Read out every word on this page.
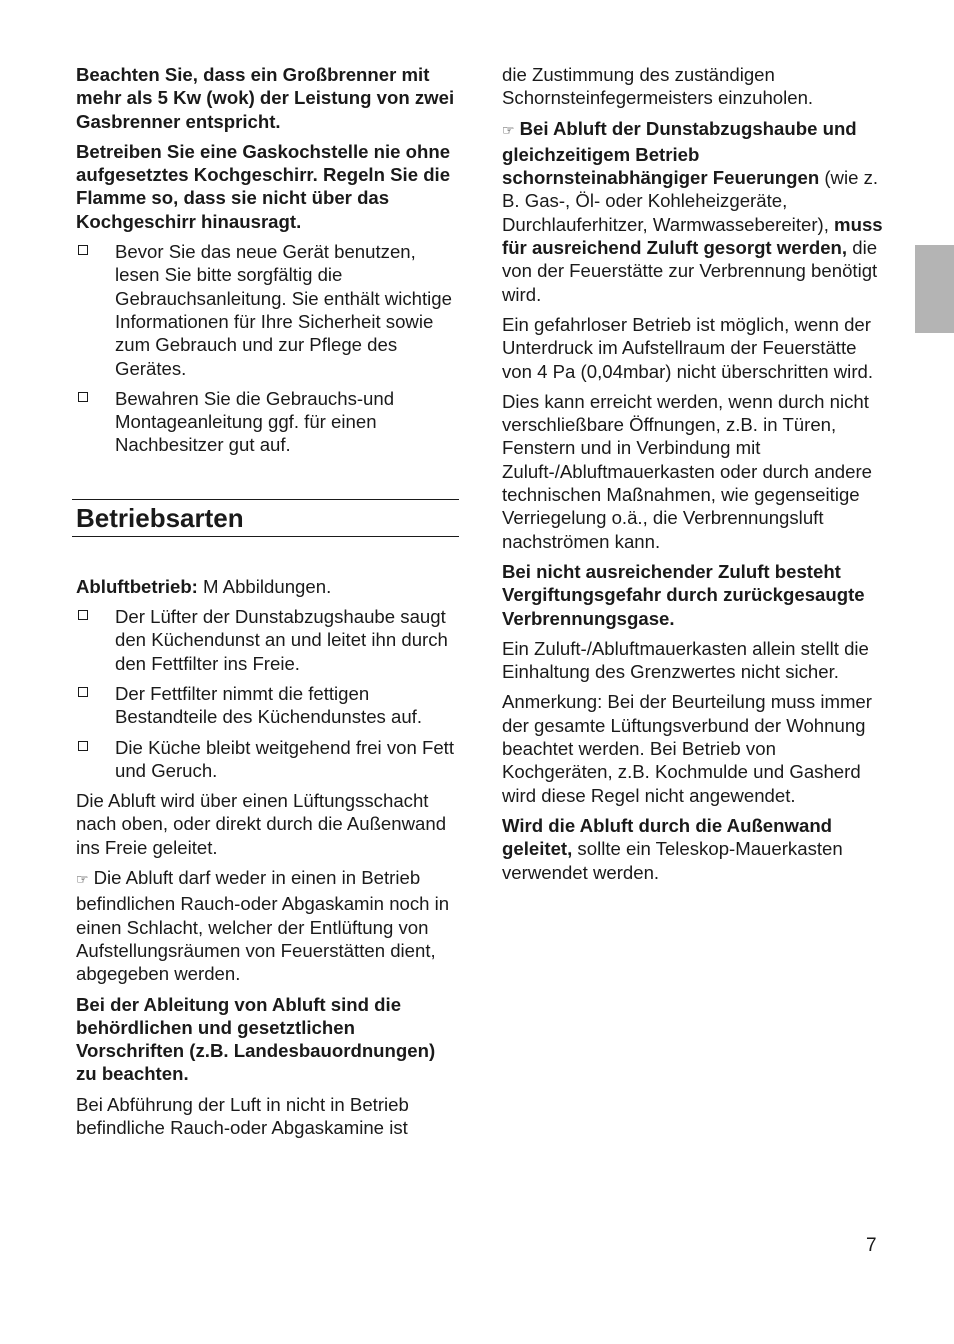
Beachten Sie, dass ein Großbrenner mit mehr als 5 Kw (wok) der Leistung von zwei Gasbrenner entspricht.

Betreiben Sie eine Gaskochstelle nie ohne aufgesetztes Kochgeschirr. Regeln Sie die Flamme so, dass sie nicht über das Kochgeschirr hinausragt.

Bevor Sie das neue Gerät benutzen, lesen Sie bitte sorgfältig die Gebrauchsanleitung. Sie enthält wichtige Informationen für Ihre Sicherheit sowie zum Gebrauch und zur Pflege des Gerätes.
Bewahren Sie die Gebrauchs-und Montageanleitung ggf. für einen Nachbesitzer gut auf.
Betriebsarten

Abluftbetrieb: M Abbildungen.

Der Lüfter der Dunstabzugshaube saugt den Küchendunst an und leitet ihn durch den Fettfilter ins Freie.
Der Fettfilter nimmt die fettigen Bestandteile des Küchendunstes auf.
Die Küche bleibt weitgehend frei von Fett und Geruch.

Die Abluft wird über einen Lüftungsschacht nach oben, oder direkt durch die Außenwand ins Freie geleitet.

☞ Die Abluft darf weder in einen in Betrieb befindlichen Rauch-oder Abgaskamin noch in einen Schlacht, welcher der Entlüftung von Aufstellungsräumen von Feuerstätten dient, abgegeben werden.

Bei der Ableitung von Abluft sind die behördlichen und gesetztlichen Vorschriften (z.B. Landesbauordnungen) zu beachten.

Bei Abführung der Luft in nicht in Betrieb befindliche Rauch-oder Abgaskamine ist

die Zustimmung des zuständigen Schornsteinfegermeisters einzuholen.

☞ Bei Abluft der Dunstabzugshaube und gleichzeitigem Betrieb schornsteinabhängiger Feuerungen (wie z. B. Gas-, Öl- oder Kohleheizgeräte, Durchlauferhitzer, Warmwassebereiter), muss für ausreichend Zuluft gesorgt werden, die von der Feuerstätte zur Verbrennung benötigt wird.

Ein gefahrloser Betrieb ist möglich, wenn der Unterdruck im Aufstellraum der Feuerstätte von 4 Pa (0,04mbar) nicht überschritten wird.

Dies kann erreicht werden, wenn durch nicht verschließbare Öffnungen, z.B. in Türen, Fenstern und in Verbindung mit Zuluft-/Abluftmauerkasten oder durch andere technischen Maßnahmen, wie gegenseitige Verriegelung o.ä., die Verbrennungsluft nachströmen kann.

Bei nicht ausreichender Zuluft besteht Vergiftungsgefahr durch zurückgesaugte Verbrennungsgase.

Ein Zuluft-/Abluftmauerkasten allein stellt die Einhaltung des Grenzwertes nicht sicher.

Anmerkung: Bei der Beurteilung muss immer der gesamte Lüftungsverbund der Wohnung beachtet werden. Bei Betrieb von Kochgeräten, z.B. Kochmulde und Gasherd wird diese Regel nicht angewendet.

Wird die Abluft durch die Außenwand geleitet, sollte ein Teleskop-Mauerkasten verwendet werden.

7
